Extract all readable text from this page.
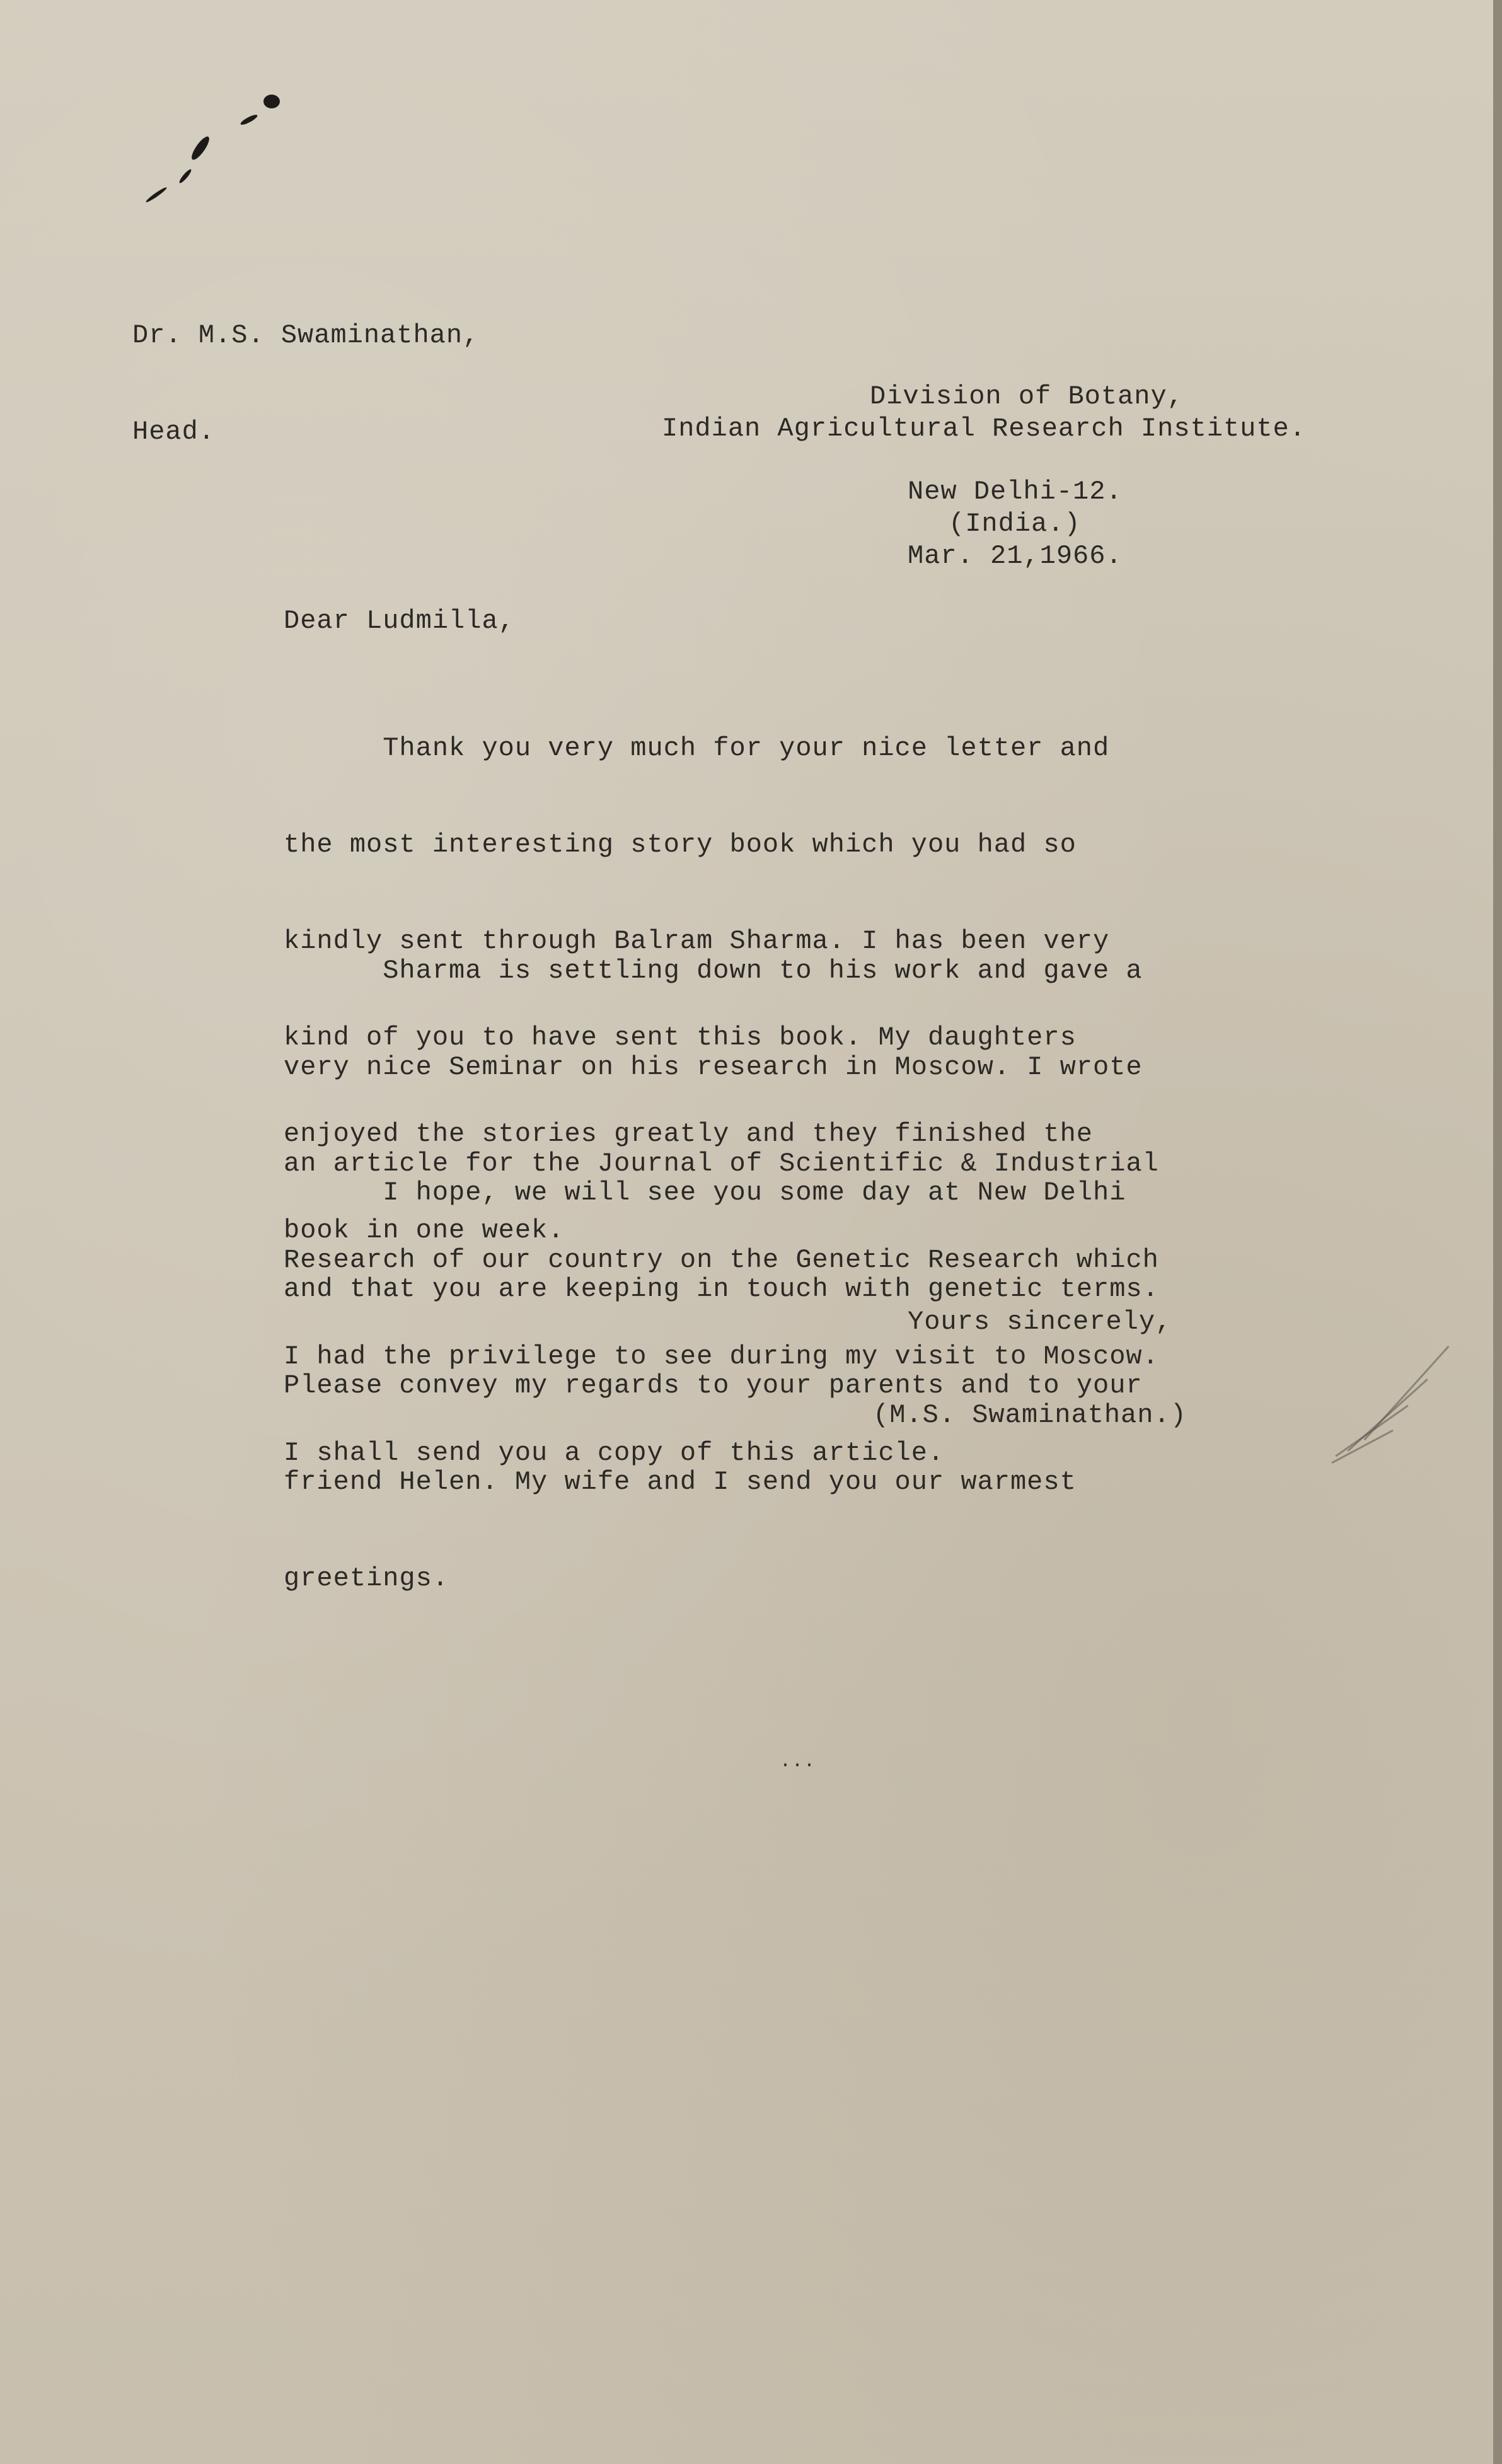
Dr. M.S. Swaminathan,

Head.

Division of Botany,
Indian Agricultural Research Institute.
New Delhi-12.
(India.)
Mar. 21,1966.
Dear Ludmilla,

Thank you very much for your nice letter and

the most interesting story book which you had so

kindly sent through Balram Sharma. I has been very

kind of you to have sent this book. My daughters

enjoyed the stories greatly and they finished the

book in one week.

Sharma is settling down to his work and gave a

very nice Seminar on his research in Moscow. I wrote

an article for the Journal of Scientific & Industrial

Research of our country on the Genetic Research which

I had the privilege to see during my visit to Moscow.

I shall send you a copy of this article.

I hope, we will see you some day at New Delhi

and that you are keeping in touch with genetic terms.

Please convey my regards to your parents and to your

friend Helen. My wife and I send you our warmest

greetings.

Yours sincerely,
(M.S. Swaminathan.)
...
